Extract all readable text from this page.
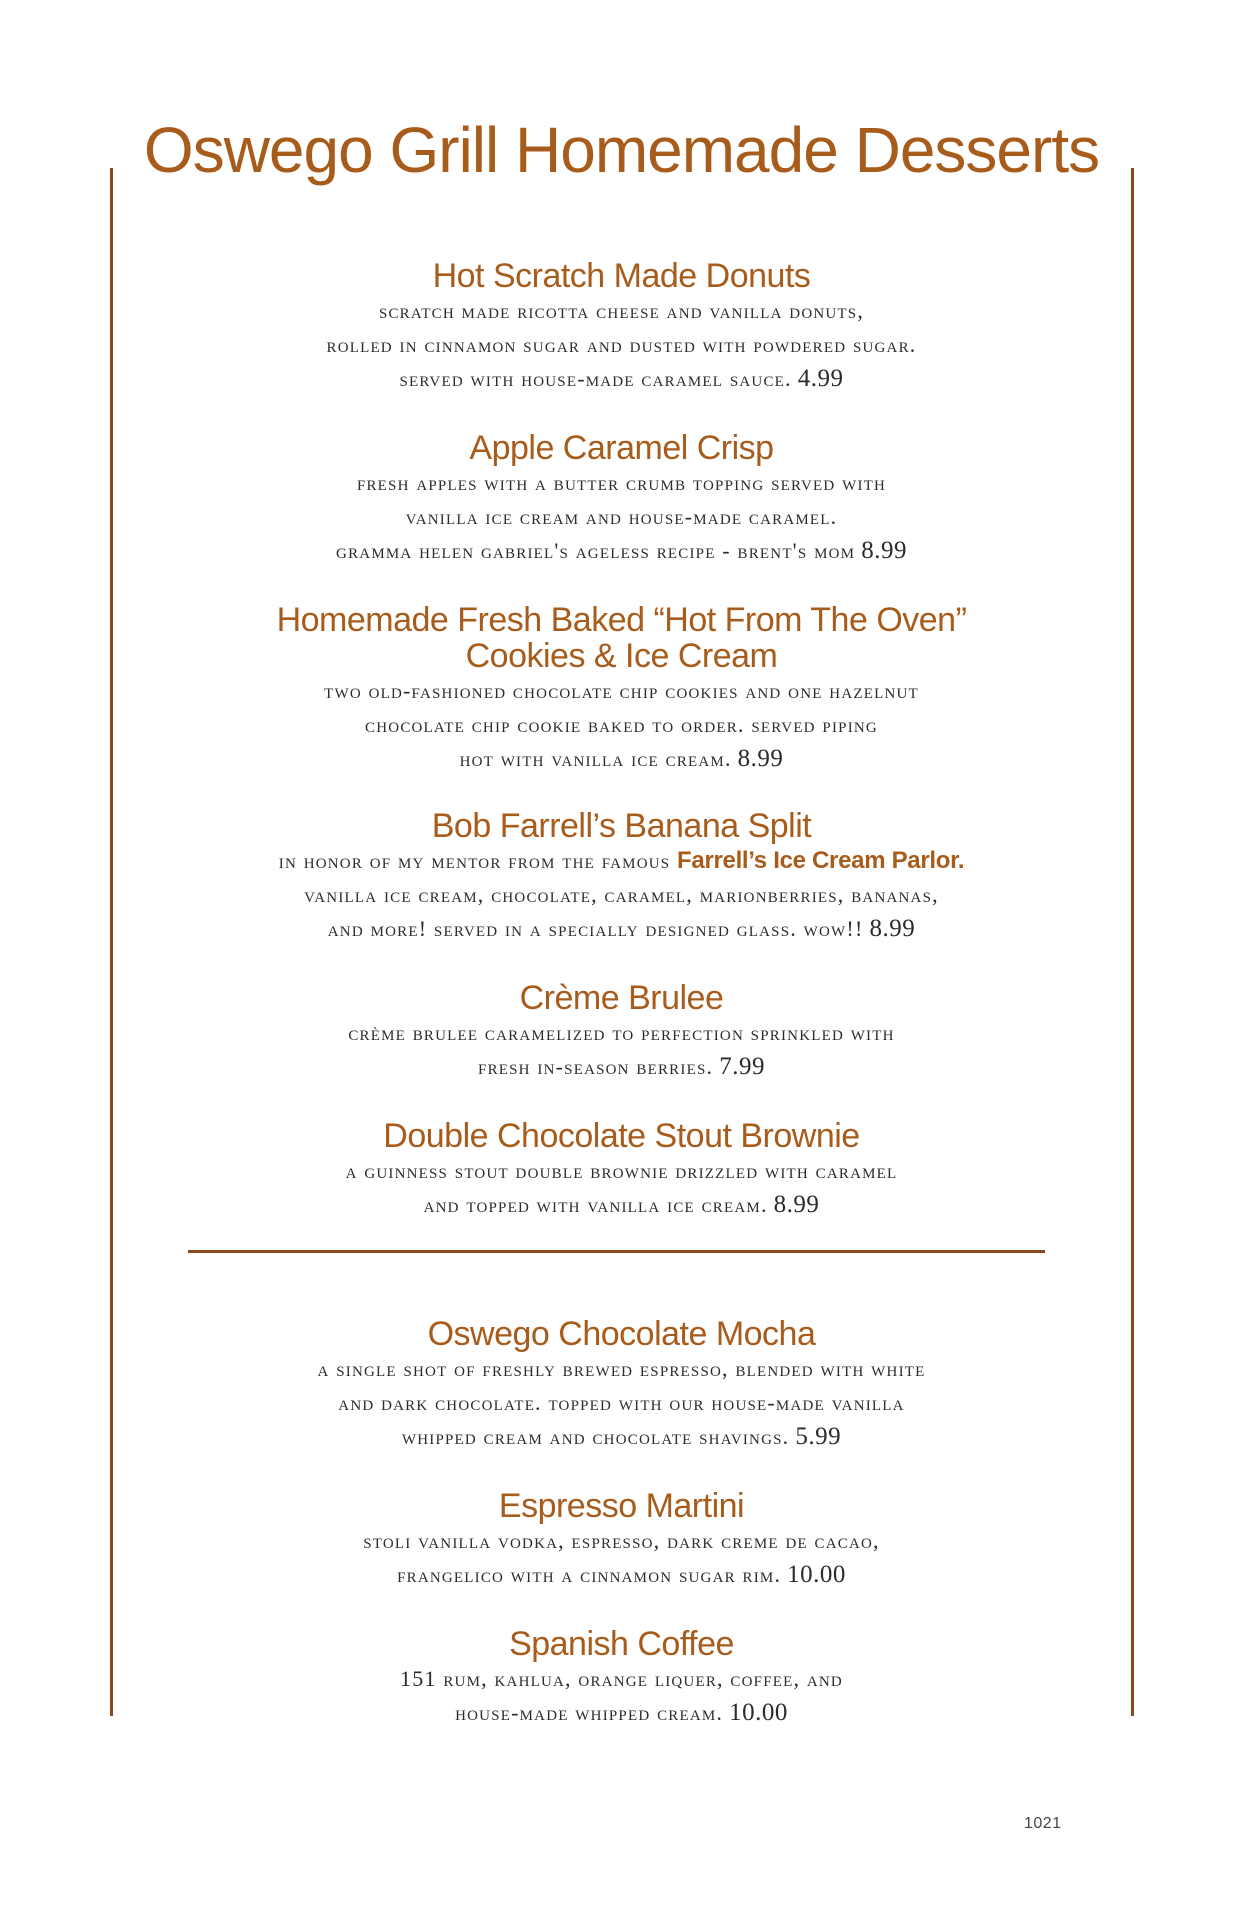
Oswego Grill Homemade Desserts
Hot Scratch Made Donuts

scratch made ricotta cheese and vanilla donuts,
rolled in cinnamon sugar and dusted with powdered sugar.
served with house-made caramel sauce. 4.99

Apple Caramel Crisp

fresh apples with a butter crumb topping served with
vanilla ice cream and house-made caramel.
gramma helen gabriel's ageless recipe - brent's mom 8.99

Homemade Fresh Baked “Hot From The Oven”
Cookies & Ice Cream

two old-fashioned chocolate chip cookies and one hazelnut
chocolate chip cookie baked to order. served piping
hot with vanilla ice cream. 8.99

Bob Farrell’s Banana Split

in honor of my mentor from the famous Farrell’s Ice Cream Parlor.
vanilla ice cream, chocolate, caramel, marionberries, bananas,
and more! served in a specially designed glass. wow!! 8.99

Crème Brulee

crème brulee caramelized to perfection sprinkled with
fresh in-season berries. 7.99

Double Chocolate Stout Brownie

a guinness stout double brownie drizzled with caramel
and topped with vanilla ice cream. 8.99

Oswego Chocolate Mocha

a single shot of freshly brewed espresso, blended with white
and dark chocolate. topped with our house-made vanilla
whipped cream and chocolate shavings. 5.99

Espresso Martini

stoli vanilla vodka, espresso, dark creme de cacao,
frangelico with a cinnamon sugar rim. 10.00

Spanish Coffee

151 rum, kahlua, orange liquer, coffee, and
house-made whipped cream. 10.00

1021
